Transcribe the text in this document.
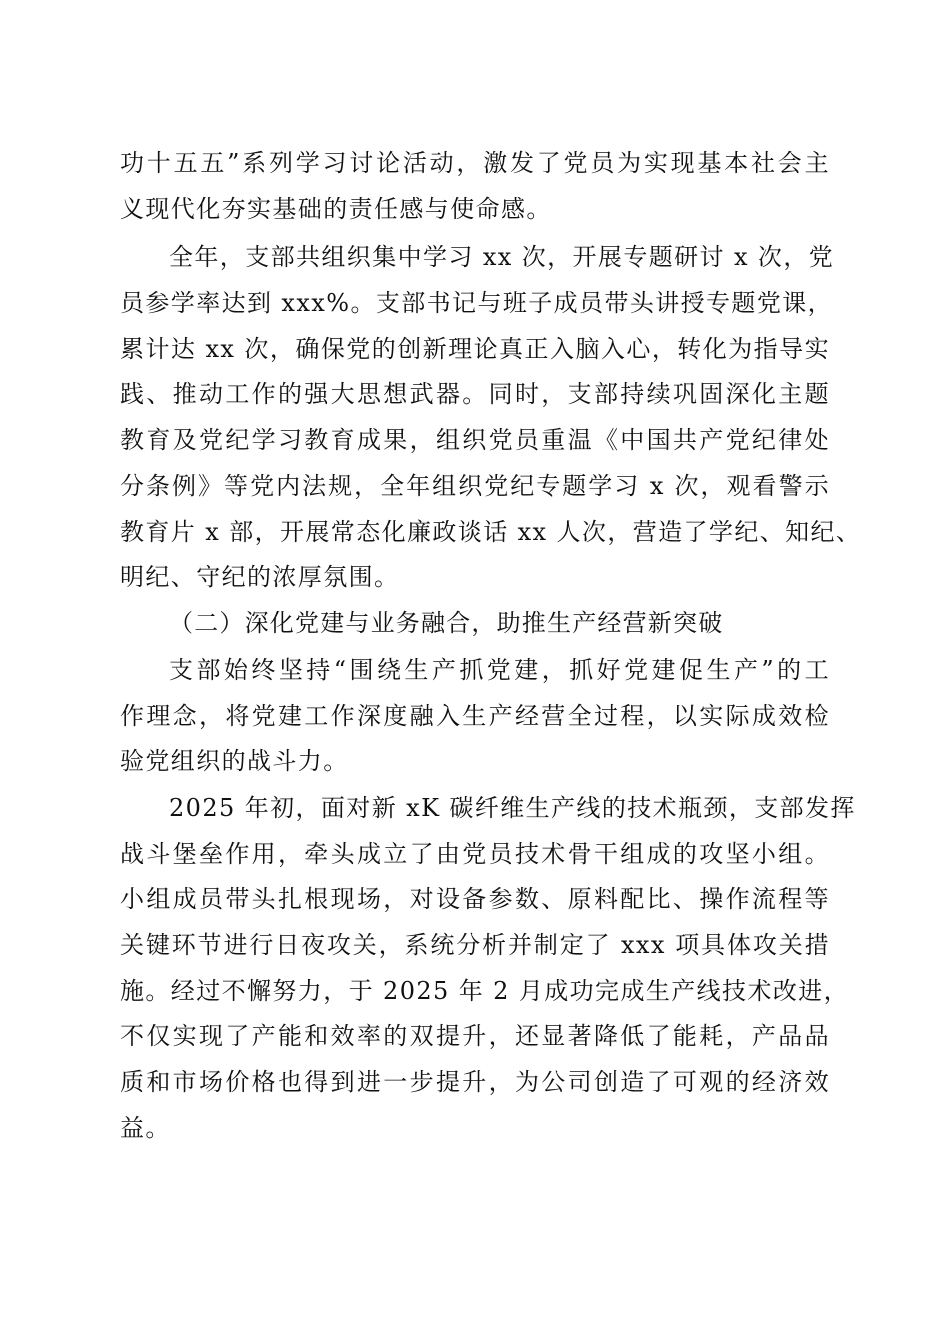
功十五五”系列学习讨论活动，激发了党员为实现基本社会主
义现代化夯实基础的责任感与使命感。
全年，支部共组织集中学习 xx 次，开展专题研讨 x 次，党
员参学率达到 xxx%。支部书记与班子成员带头讲授专题党课，
累计达 xx 次，确保党的创新理论真正入脑入心，转化为指导实
践、推动工作的强大思想武器。同时，支部持续巩固深化主题
教育及党纪学习教育成果，组织党员重温《中国共产党纪律处
分条例》等党内法规，全年组织党纪专题学习 x 次，观看警示
教育片 x 部，开展常态化廉政谈话 xx 人次，营造了学纪、知纪、
明纪、守纪的浓厚氛围。
（二）深化党建与业务融合，助推生产经营新突破
支部始终坚持“围绕生产抓党建，抓好党建促生产”的工
作理念，将党建工作深度融入生产经营全过程，以实际成效检
验党组织的战斗力。
2025 年初，面对新 xK 碳纤维生产线的技术瓶颈，支部发挥
战斗堡垒作用，牵头成立了由党员技术骨干组成的攻坚小组。
小组成员带头扎根现场，对设备参数、原料配比、操作流程等
关键环节进行日夜攻关，系统分析并制定了 xxx 项具体攻关措
施。经过不懈努力，于 2025 年 2 月成功完成生产线技术改进，
不仅实现了产能和效率的双提升，还显著降低了能耗，产品品
质和市场价格也得到进一步提升，为公司创造了可观的经济效
益。
